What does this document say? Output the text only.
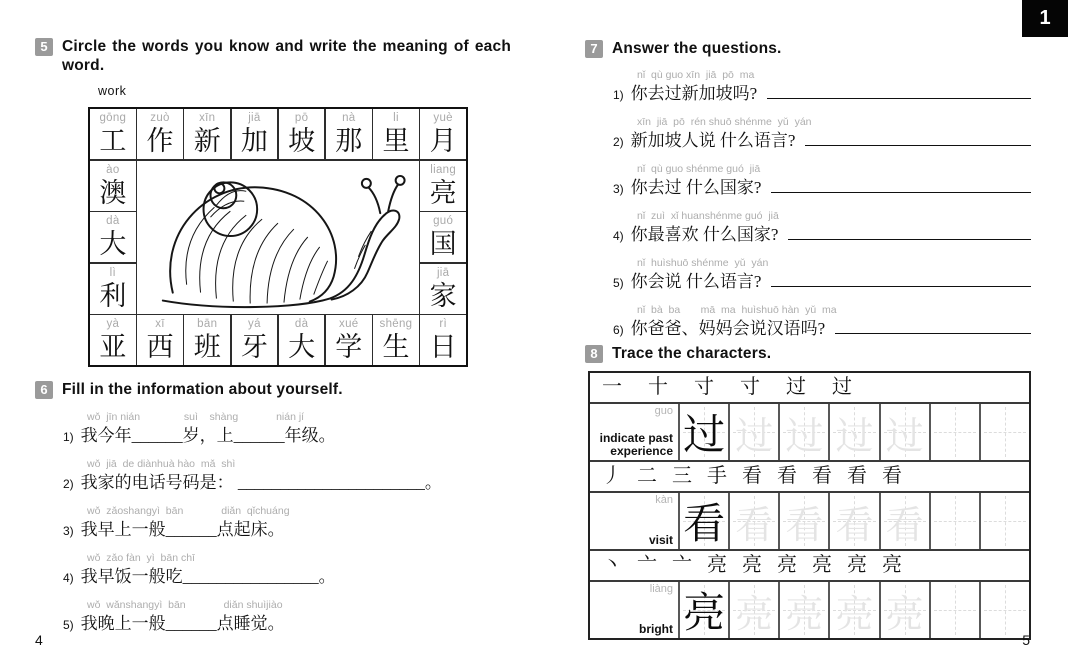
1
5 Circle the words you know and write the meaning of each word.
work
gōng
工
zuò
作
xīn
新
jiā
加
pō
坡
nà
那
li
里
yuè
月
ào
澳
liang
亮
dà
大
guó
国
lì
利
jiā
家
yà
亚
xī
西
bān
班
yá
牙
dà
大
xué
学
shēng
生
rì
日
6 Fill in the information about yourself.
wǒ  jīn nián               suì    shàng             nián jí
1) 我今年______岁，上______年级。
wǒ  jiā  de diànhuà hào  mǎ  shì
2) 我家的电话号码是： ______________________。
wǒ  zǎoshangyì  bān             diǎn  qǐchuáng
3) 我早上一般______点起床。
wǒ  zǎo fàn  yì  bān chī
4) 我早饭一般吃________________。
wǒ  wǎnshangyì  bān             diǎn shuìjiào
5) 我晚上一般______点睡觉。
7 Answer the questions.
nǐ  qù guo xīn  jiā  pō  ma
1) 你去过新加坡吗?
xīn  jiā  pō  rén shuō shénme  yǔ  yán
2) 新加坡人说 什么语言?
nǐ  qù guo shénme guó  jiā
3) 你去过 什么国家?
nǐ  zuì  xǐ huanshénme guó  jiā
4) 你最喜欢 什么国家?
nǐ  huìshuō shénme  yǔ  yán
5) 你会说 什么语言?
nǐ  bà  ba       mā  ma  huìshuō hàn  yǔ  ma
6) 你爸爸、妈妈会说汉语吗?
8 Trace the characters.
一十寸寸过过
guo
indicate past experience 过 过 过 过 过
丿二三手看看看看看
kàn
visit 看 看 看 看 看
丶亠亠亮亮亮亮亮亮
liàng
bright 亮 亮 亮 亮 亮
4	5
